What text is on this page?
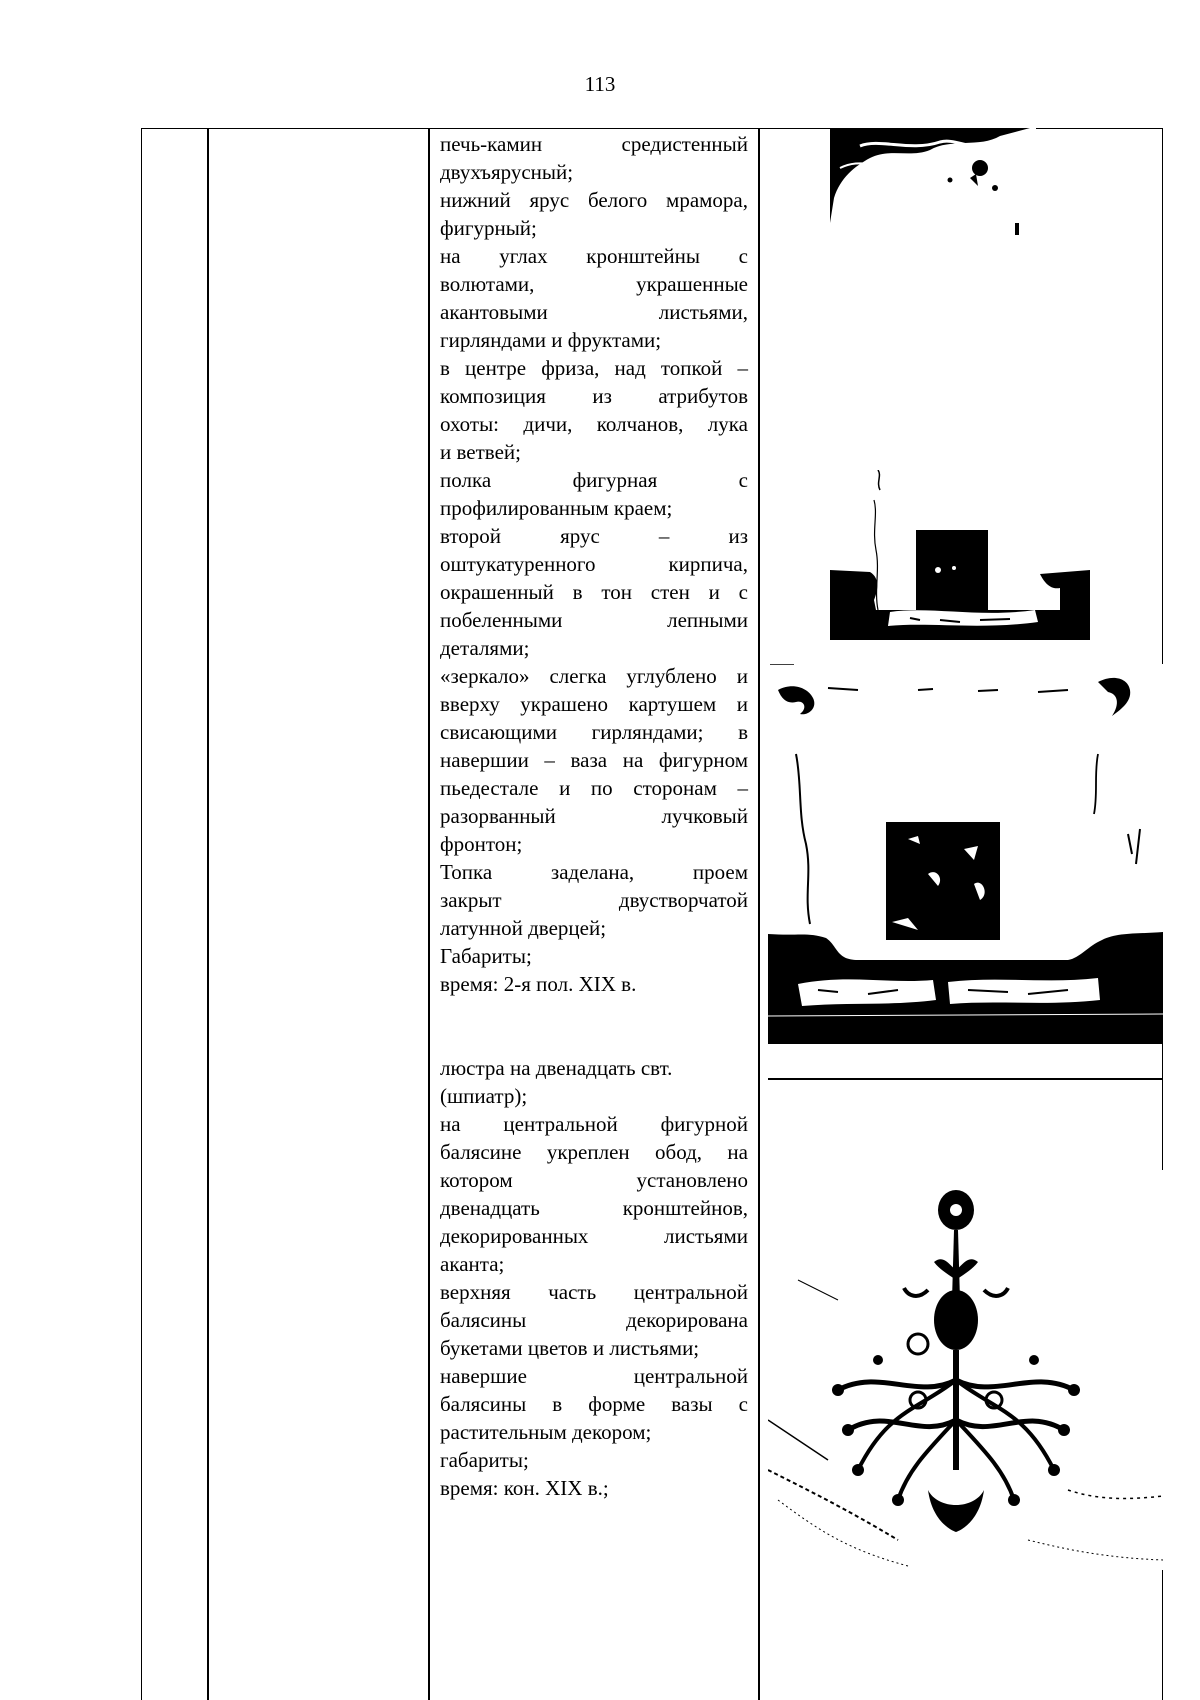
113
печь-камин средистенный
двухъярусный;
нижний ярус белого мрамора,
фигурный;
на углах кронштейны с
волютами, украшенные
акантовыми листьями,
гирляндами и фруктами;
в центре фриза, над топкой –
композиция из атрибутов
охоты: дичи, колчанов, лука
и ветвей;
полка фигурная с
профилированным краем;
второй ярус – из
оштукатуренного кирпича,
окрашенный в тон стен и с
побеленными лепными
деталями;
«зеркало» слегка углублено и
вверху украшено картушем и
свисающими гирляндами; в
навершии – ваза на фигурном
пьедестале и по сторонам –
разорванный лучковый
фронтон;
Топка заделана, проем
закрыт двустворчатой
латунной дверцей;
Габариты;
время: 2-я пол. XIX в.
люстра на двенадцать свт.
(шпиатр);
на центральной фигурной
балясине укреплен обод, на
котором установлено
двенадцать кронштейнов,
декорированных листьями
аканта;
верхняя часть центральной
балясины декорирована
букетами цветов и листьями;
навершие центральной
балясины в форме вазы с
растительным декором;
габариты;
время: кон. XIX в.;
